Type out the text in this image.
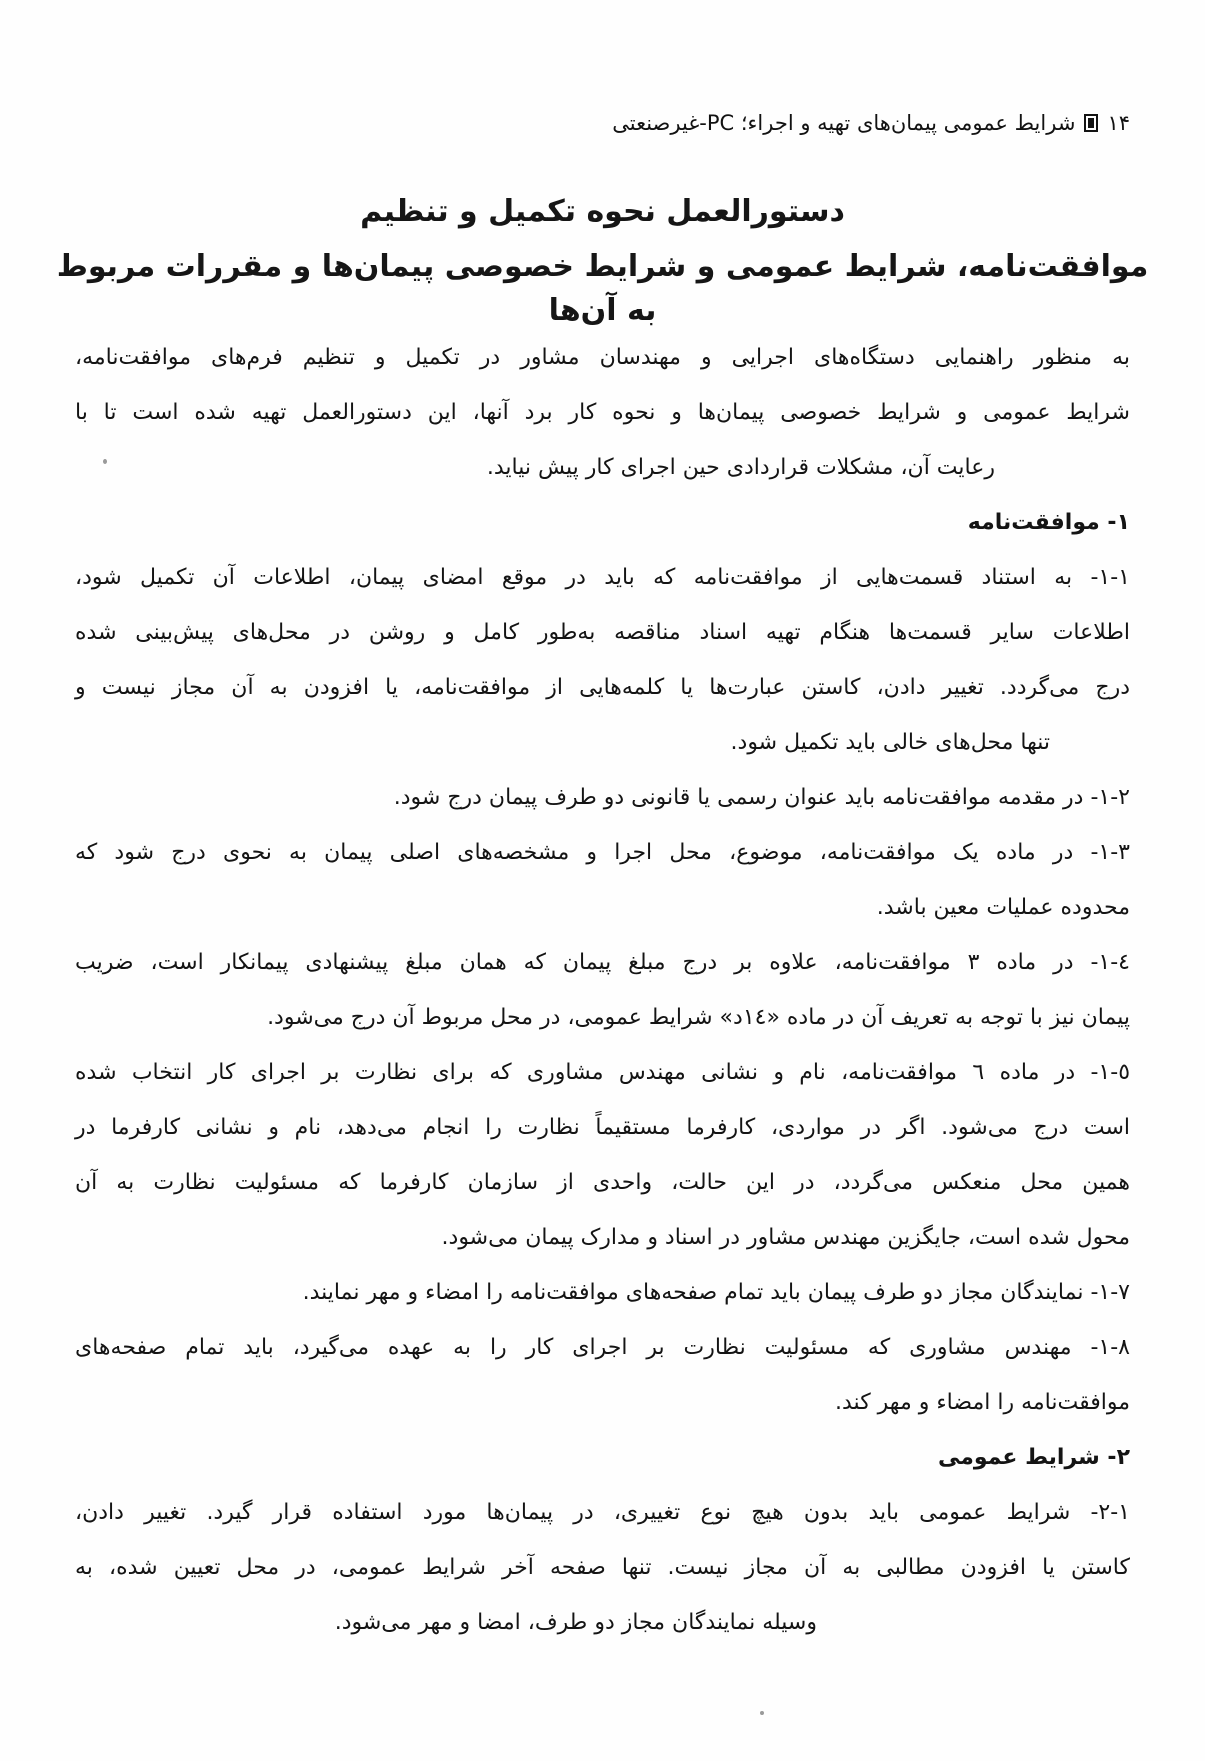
۱۴
شرایط عمومی پیمان‌های تهیه و اجراء؛ PC-غیرصنعتی
دستورالعمل نحوه تکمیل و تنظیم
موافقت‌نامه، شرایط عمومی و شرایط خصوصی پیمان‌ها و مقررات مربوط به آن‌ها
به منظور راهنمایی دستگاه‌های اجرایی و مهندسان مشاور در تکمیل و تنظیم فرم‌های موافقت‌نامه،
شرایط عمومی و شرایط خصوصی پیمان‌ها و نحوه کار برد آنها، این دستورالعمل تهیه شده است تا با
رعایت آن، مشکلات قراردادی حین اجرای کار پیش نیاید.
١- موافقت‌نامه
١-١- به استناد قسمت‌هایی از موافقت‌نامه که باید در موقع امضای پیمان، اطلاعات آن تکمیل شود،
اطلاعات سایر قسمت‌ها هنگام تهیه اسناد مناقصه به‌طور کامل و روشن در محل‌های پیش‌بینی شده
درج می‌گردد. تغییر دادن، کاستن عبارت‌ها یا کلمه‌هایی از موافقت‌نامه، یا افزودن به آن مجاز نیست و
تنها محل‌های خالی باید تکمیل شود.
٢-١- در مقدمه موافقت‌نامه باید عنوان رسمی یا قانونی دو طرف پیمان درج شود.
٣-١- در ماده یک موافقت‌نامه، موضوع، محل اجرا و مشخصه‌های اصلی پیمان به نحوی درج شود که
محدوده عملیات معین باشد.
٤-١- در ماده ٣ موافقت‌نامه، علاوه بر درج مبلغ پیمان که همان مبلغ پیشنهادی پیمانکار است، ضریب
پیمان نیز با توجه به تعریف آن در ماده «١٤د» شرایط عمومی، در محل مربوط آن درج می‌شود.
٥-١- در ماده ٦ موافقت‌نامه، نام و نشانی مهندس مشاوری که برای نظارت بر اجرای کار انتخاب شده
است درج می‌شود. اگر در مواردی، کارفرما مستقیماً نظارت را انجام می‌دهد، نام و نشانی کارفرما در
همین محل منعکس می‌گردد، در این حالت، واحدی از سازمان کارفرما که مسئولیت نظارت به آن
محول شده است، جایگزین مهندس مشاور در اسناد و مدارک پیمان می‌شود.
٧-١- نمایندگان مجاز دو طرف پیمان باید تمام صفحه‌های موافقت‌نامه را امضاء و مهر نمایند.
٨-١- مهندس مشاوری که مسئولیت نظارت بر اجرای کار را به عهده می‌گیرد، باید تمام صفحه‌های
موافقت‌نامه را امضاء و مهر کند.
٢- شرایط عمومی
١-٢- شرایط عمومی باید بدون هیچ نوع تغییری، در پیمان‌ها مورد استفاده قرار گیرد. تغییر دادن،
کاستن یا افزودن مطالبی به آن مجاز نیست. تنها صفحه آخر شرایط عمومی، در محل تعیین شده، به
وسیله نمایندگان مجاز دو طرف، امضا و مهر می‌شود.
